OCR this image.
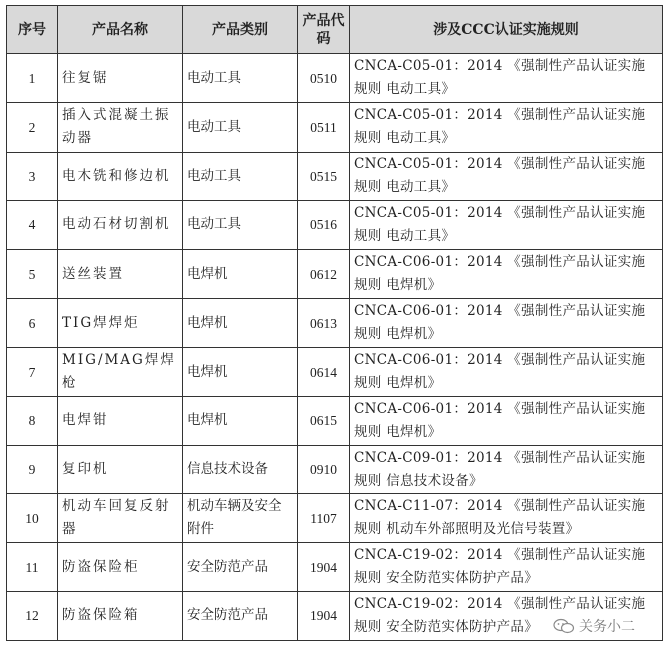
序号	产品名称	产品类别	产品代码	涉及CCC认证实施规则
1	往复锯	电动工具	0510	CNCA-C05-01：2014 《强制性产品认证实施规则 电动工具》
2	插入式混凝土振动器	电动工具	0511	CNCA-C05-01：2014 《强制性产品认证实施规则 电动工具》
3	电木铣和修边机	电动工具	0515	CNCA-C05-01：2014 《强制性产品认证实施规则 电动工具》
4	电动石材切割机	电动工具	0516	CNCA-C05-01：2014 《强制性产品认证实施规则 电动工具》
5	送丝装置	电焊机	0612	CNCA-C06-01：2014 《强制性产品认证实施规则 电焊机》
6	TIG焊焊炬	电焊机	0613	CNCA-C06-01：2014 《强制性产品认证实施规则 电焊机》
7	MIG/MAG焊焊枪	电焊机	0614	CNCA-C06-01：2014 《强制性产品认证实施规则 电焊机》
8	电焊钳	电焊机	0615	CNCA-C06-01：2014 《强制性产品认证实施规则 电焊机》
9	复印机	信息技术设备	0910	CNCA-C09-01：2014 《强制性产品认证实施规则 信息技术设备》
10	机动车回复反射器	机动车辆及安全附件	1107	CNCA-C11-07：2014 《强制性产品认证实施规则 机动车外部照明及光信号装置》
11	防盗保险柜	安全防范产品	1904	CNCA-C19-02：2014 《强制性产品认证实施规则 安全防范实体防护产品》
12	防盗保险箱	安全防范产品	1904	CNCA-C19-02：2014 《强制性产品认证实施规则 安全防范实体防护产品》	关务小二
